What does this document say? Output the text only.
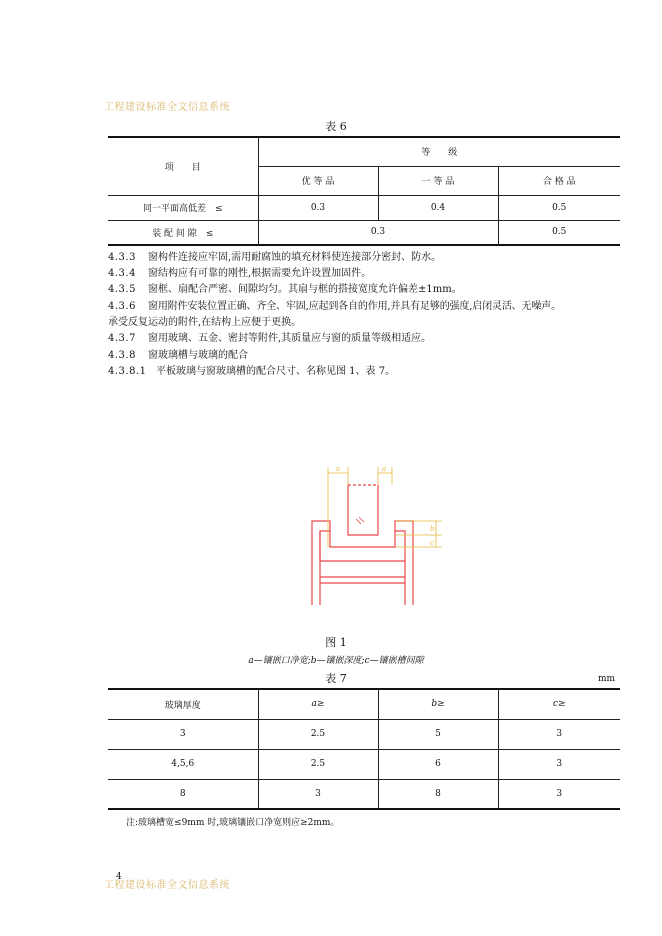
工程建设标准全文信息系统
表 6
项　　目	等　　级		
	优 等 品	一 等 品	合 格 品
同一平面高低差　≤	0.3	0.4	0.5
装 配 间 隙　≤	0.3		0.5
4.3.3 窗构件连接应牢固,需用耐腐蚀的填充材料使连接部分密封、防水。
4.3.4 窗结构应有可靠的刚性,根据需要允许设置加固件。
4.3.5 窗框、扇配合严密、间隙均匀。其扇与框的搭接宽度允许偏差±1mm。
4.3.6 窗用附件安装位置正确、齐全、牢固,应起到各自的作用,并具有足够的强度,启闭灵活、无噪声。
承受反复运动的附件,在结构上应便于更换。
4.3.7 窗用玻璃、五金、密封等附件,其质量应与窗的质量等级相适应。
4.3.8 窗玻璃槽与玻璃的配合
4.3.8.1 平板玻璃与窗玻璃槽的配合尺寸、名称见图 1、表 7。
a	a
b
c
图 1
a—镶嵌口净宽;b—镶嵌深度;c—镶嵌槽间隙
表 7	mm
玻璃厚度	a≥	b≥	c≥
3	2.5	5	3
4,5,6	2.5	6	3
8	3	8	3
注:玻璃槽宽≤9mm 时,玻璃镶嵌口净宽则应≥2mm。
4
工程建设标准全文信息系统
